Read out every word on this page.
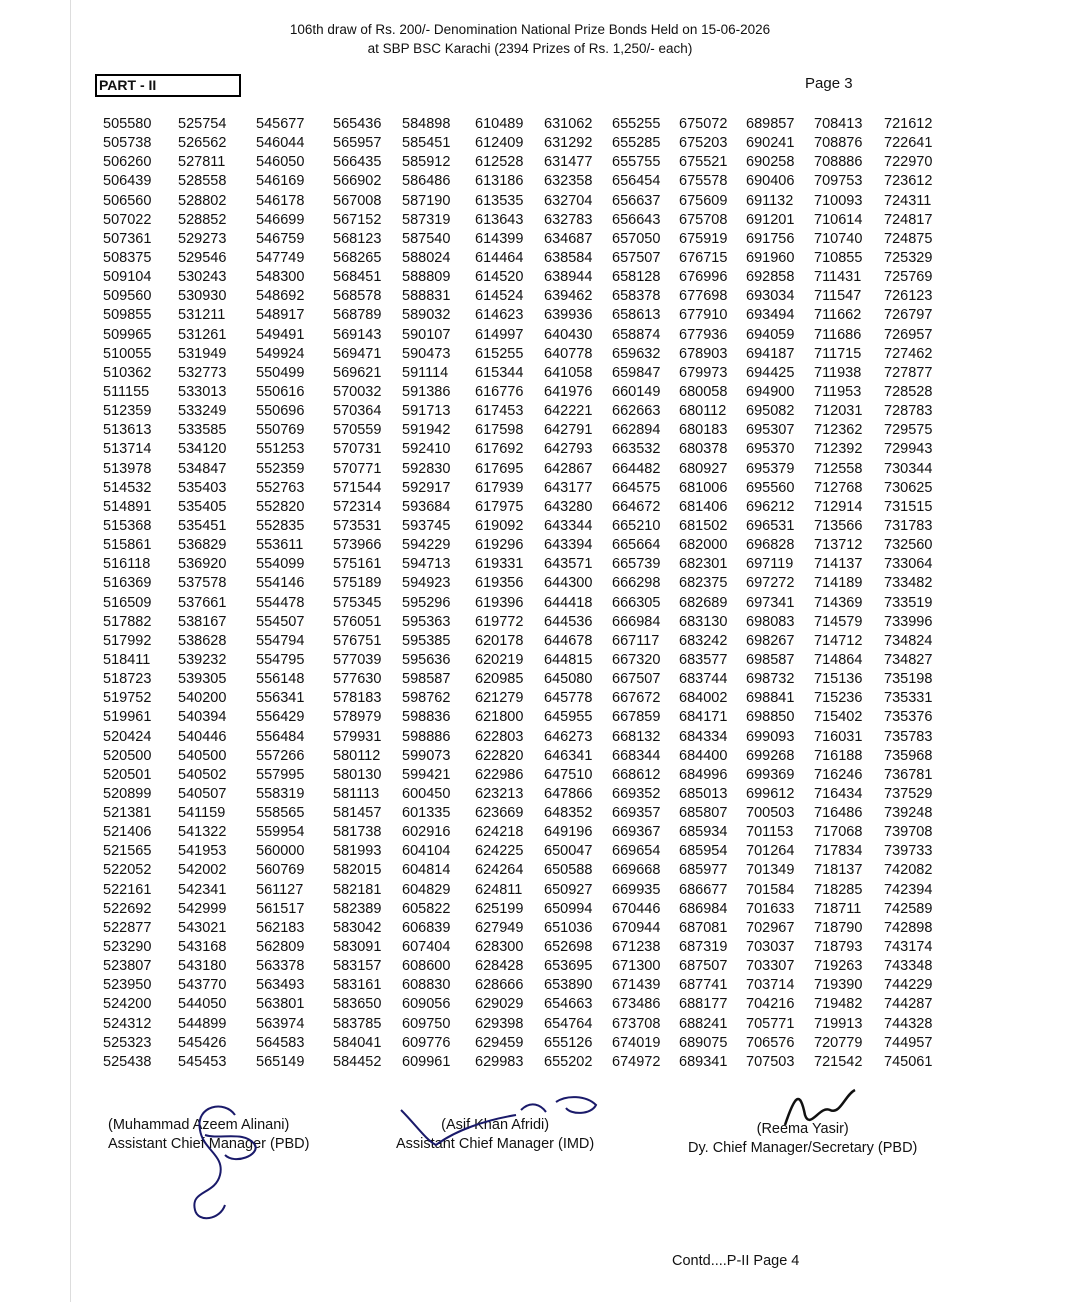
106th draw of Rs. 200/- Denomination National Prize Bonds Held on 15-06-2026
at SBP BSC Karachi (2394 Prizes of Rs. 1,250/- each)
PART - II	Page 3
505580 525754 545677 565436 584898 610489 631062 655255 675072 689857 708413 721612
505738 526562 546044 565957 585451 612409 631292 655285 675203 690241 708876 722641
506260 527811 546050 566435 585912 612528 631477 655755 675521 690258 708886 722970
506439 528558 546169 566902 586486 613186 632358 656454 675578 690406 709753 723612
506560 528802 546178 567008 587190 613535 632704 656637 675609 691132 710093 724311
507022 528852 546699 567152 587319 613643 632783 656643 675708 691201 710614 724817
507361 529273 546759 568123 587540 614399 634687 657050 675919 691756 710740 724875
508375 529546 547749 568265 588024 614464 638584 657507 676715 691960 710855 725329
509104 530243 548300 568451 588809 614520 638944 658128 676996 692858 711431 725769
509560 530930 548692 568578 588831 614524 639462 658378 677698 693034 711547 726123
509855 531211 548917 568789 589032 614623 639936 658613 677910 693494 711662 726797
509965 531261 549491 569143 590107 614997 640430 658874 677936 694059 711686 726957
510055 531949 549924 569471 590473 615255 640778 659632 678903 694187 711715 727462
510362 532773 550499 569621 591114 615344 641058 659847 679973 694425 711938 727877
511155 533013 550616 570032 591386 616776 641976 660149 680058 694900 711953 728528
512359 533249 550696 570364 591713 617453 642221 662663 680112 695082 712031 728783
513613 533585 550769 570559 591942 617598 642791 662894 680183 695307 712362 729575
513714 534120 551253 570731 592410 617692 642793 663532 680378 695370 712392 729943
513978 534847 552359 570771 592830 617695 642867 664482 680927 695379 712558 730344
514532 535403 552763 571544 592917 617939 643177 664575 681006 695560 712768 730625
514891 535405 552820 572314 593684 617975 643280 664672 681406 696212 712914 731515
515368 535451 552835 573531 593745 619092 643344 665210 681502 696531 713566 731783
515861 536829 553611 573966 594229 619296 643394 665664 682000 696828 713712 732560
516118 536920 554099 575161 594713 619331 643571 665739 682301 697119 714137 733064
516369 537578 554146 575189 594923 619356 644300 666298 682375 697272 714189 733482
516509 537661 554478 575345 595296 619396 644418 666305 682689 697341 714369 733519
517882 538167 554507 576051 595363 619772 644536 666984 683130 698083 714579 733996
517992 538628 554794 576751 595385 620178 644678 667117 683242 698267 714712 734824
518411 539232 554795 577039 595636 620219 644815 667320 683577 698587 714864 734827
518723 539305 556148 577630 598587 620985 645080 667507 683744 698732 715136 735198
519752 540200 556341 578183 598762 621279 645778 667672 684002 698841 715236 735331
519961 540394 556429 578979 598836 621800 645955 667859 684171 698850 715402 735376
520424 540446 556484 579931 598886 622803 646273 668132 684334 699093 716031 735783
520500 540500 557266 580112 599073 622820 646341 668344 684400 699268 716188 735968
520501 540502 557995 580130 599421 622986 647510 668612 684996 699369 716246 736781
520899 540507 558319 581113 600450 623213 647866 669352 685013 699612 716434 737529
521381 541159 558565 581457 601335 623669 648352 669357 685807 700503 716486 739248
521406 541322 559954 581738 602916 624218 649196 669367 685934 701153 717068 739708
521565 541953 560000 581993 604104 624225 650047 669654 685954 701264 717834 739733
522052 542002 560769 582015 604814 624264 650588 669668 685977 701349 718137 742082
522161 542341 561127 582181 604829 624811 650927 669935 686677 701584 718285 742394
522692 542999 561517 582389 605822 625199 650994 670446 686984 701633 718711 742589
522877 543021 562183 583042 606839 627949 651036 670944 687081 702967 718790 742898
523290 543168 562809 583091 607404 628300 652698 671238 687319 703037 718793 743174
523807 543180 563378 583157 608600 628428 653695 671300 687507 703307 719263 743348
523950 543770 563493 583161 608830 628666 653890 671439 687741 703714 719390 744229
524200 544050 563801 583650 609056 629029 654663 673486 688177 704216 719482 744287
524312 544899 563974 583785 609750 629398 654764 673708 688241 705771 719913 744328
525323 545426 564583 584041 609776 629459 655126 674019 689075 706576 720779 744957
525438 545453 565149 584452 609961 629983 655202 674972 689341 707503 721542 745061
(Muhammad Azeem Alinani)
Assistant Chief Manager (PBD)
(Asif Khan Afridi)
Assistant Chief Manager (IMD)
(Reema Yasir)
Dy. Chief Manager/Secretary (PBD)
Contd....P-II Page 4
